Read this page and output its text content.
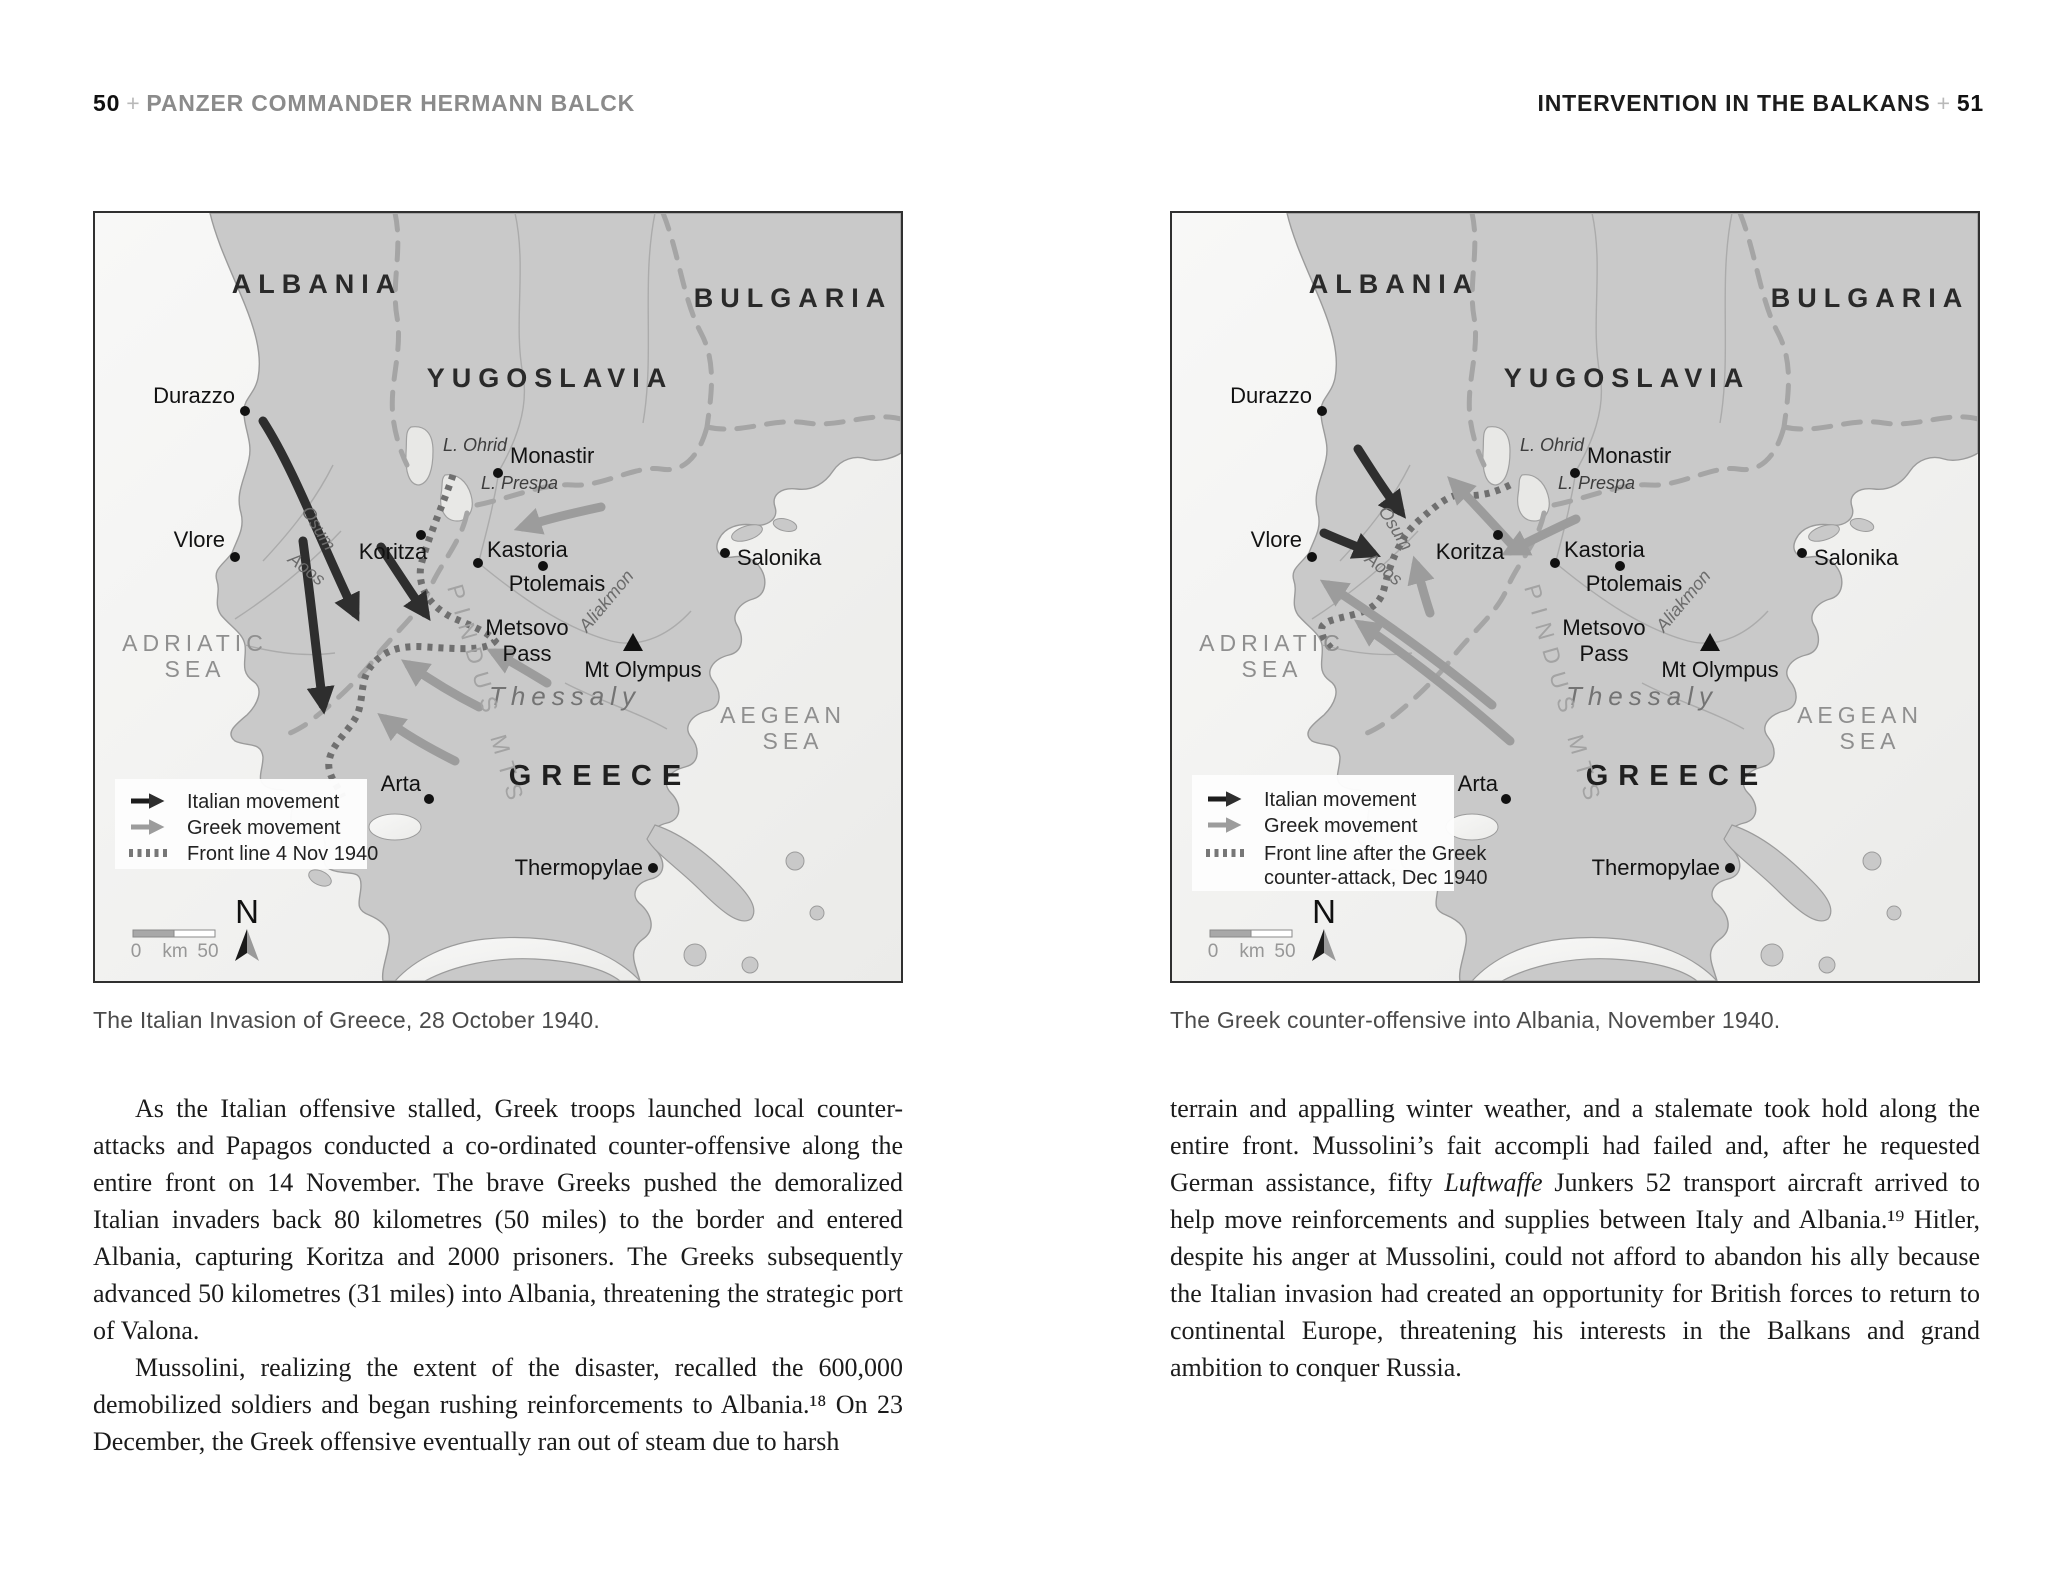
50 + PANZER COMMANDER HERMANN BALCK	INTERVENTION IN THE BALKANS + 51
Italian movement
Greek movement
Front line 4 Nov 1940
The Italian Invasion of Greece, 28 October 1940.

As the Italian offensive stalled, Greek troops launched local counter-attacks and Papagos conducted a co-ordinated counter-offensive along the entire front on 14 November. The brave Greeks pushed the demoralized Italian invaders back 80 kilometres (50 miles) to the border and entered Albania, capturing Koritza and 2000 prisoners. The Greeks subsequently advanced 50 kilometres (31 miles) into Albania, threatening the strategic port of Valona.

Mussolini, realizing the extent of the disaster, recalled the 600,000 demobilized soldiers and began rushing reinforcements to Albania.¹⁸ On 23 December, the Greek offensive eventually ran out of steam due to harsh

Italian movement
Greek movement
Front line after the Greek
counter-attack, Dec 1940
The Greek counter-offensive into Albania, November 1940.

terrain and appalling winter weather, and a stalemate took hold along the entire front. Mussolini’s fait accompli had failed and, after he requested German assistance, fifty Luftwaffe Junkers 52 transport aircraft arrived to help move reinforcements and supplies between Italy and Albania.¹⁹ Hitler, despite his anger at Mussolini, could not afford to abandon his ally because the Italian invasion had created an opportunity for British forces to return to continental Europe, threatening his interests in the Balkans and grand ambition to conquer Russia.
